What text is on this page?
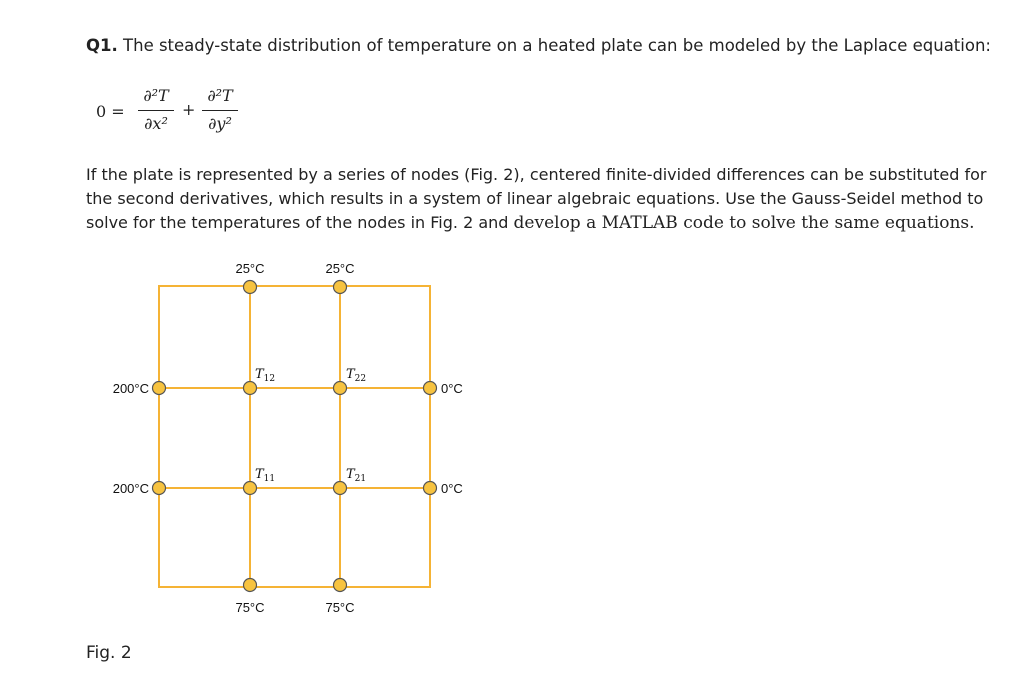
Q1. The steady-state distribution of temperature on a heated plate can be modeled by the Laplace equation:
0 =
∂²T
∂x²
+
∂²T
∂y²
If the plate is represented by a series of nodes (Fig. 2), centered finite-divided differences can be substituted for
the second derivatives, which results in a system of linear algebraic equations. Use the Gauss-Seidel method to
solve for the temperatures of the nodes in Fig. 2 and develop a MATLAB code to solve the same equations.
25°C	25°C
200°C
200°C
0°C
0°C
75°C	75°C
$T_{12}$	$T_{22}$
$T_{11}$	$T_{21}$
Fig. 2
